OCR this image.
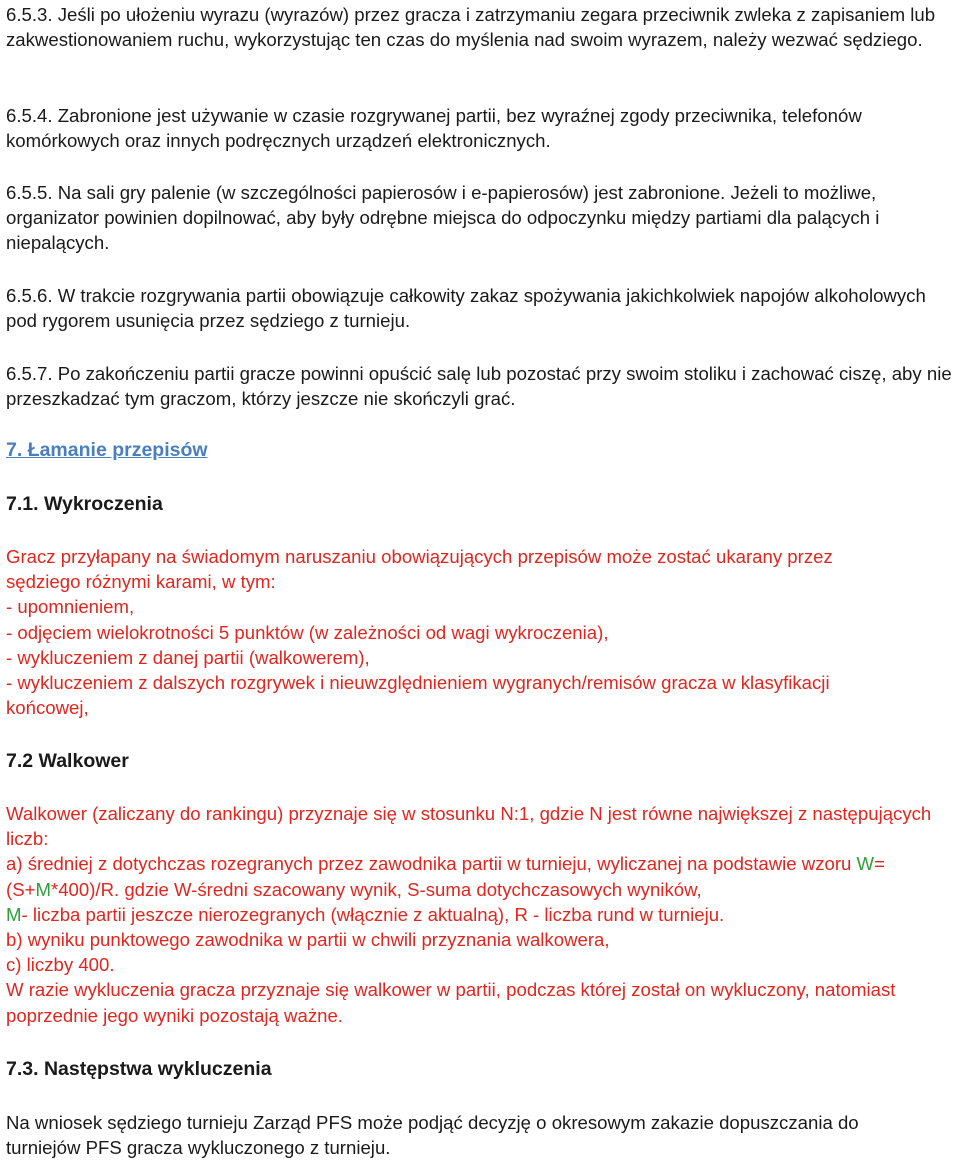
6.5.3. Jeśli po ułożeniu wyrazu (wyrazów) przez gracza i zatrzymaniu zegara przeciwnik zwleka z zapisaniem lub zakwestionowaniem ruchu, wykorzystując ten czas do myślenia nad swoim wyrazem, należy wezwać sędziego.

6.5.4. Zabronione jest używanie w czasie rozgrywanej partii, bez wyraźnej zgody przeciwnika, telefonów komórkowych oraz innych podręcznych urządzeń elektronicznych.

6.5.5. Na sali gry palenie (w szczególności papierosów i e-papierosów) jest zabronione. Jeżeli to możliwe, organizator powinien dopilnować, aby były odrębne miejsca do odpoczynku między partiami dla palących i niepalących.

6.5.6. W trakcie rozgrywania partii obowiązuje całkowity zakaz spożywania jakichkolwiek napojów alkoholowych pod rygorem usunięcia przez sędziego z turnieju.

6.5.7. Po zakończeniu partii gracze powinni opuścić salę lub pozostać przy swoim stoliku i zachować ciszę, aby nie przeszkadzać tym graczom, którzy jeszcze nie skończyli grać.

7. Łamanie przepisów

7.1. Wykroczenia

Gracz przyłapany na świadomym naruszaniu obowiązujących przepisów może zostać ukarany przez sędziego różnymi karami, w tym:

- upomnieniem,

- odjęciem wielokrotności 5 punktów (w zależności od wagi wykroczenia),

- wykluczeniem z danej partii (walkowerem),

- wykluczeniem z dalszych rozgrywek i nieuwzględnieniem wygranych/remisów gracza w klasyfikacji końcowej,

7.2 Walkower

Walkower (zaliczany do rankingu) przyznaje się w stosunku N:1, gdzie N jest równe największej z następujących liczb:

a) średniej z dotychczas rozegranych przez zawodnika partii w turnieju, wyliczanej na podstawie wzoru W=(S+M*400)/R. gdzie W-średni szacowany wynik, S-suma dotychczasowych wyników,

M- liczba partii jeszcze nierozegranych (włącznie z aktualną), R - liczba rund w turnieju.

b) wyniku punktowego zawodnika w partii w chwili przyznania walkowera,

c) liczby 400.

W razie wykluczenia gracza przyznaje się walkower w partii, podczas której został on wykluczony, natomiast poprzednie jego wyniki pozostają ważne.

7.3. Następstwa wykluczenia

Na wniosek sędziego turnieju Zarząd PFS może podjąć decyzję o okresowym zakazie dopuszczania do turniejów PFS gracza wykluczonego z turnieju.
